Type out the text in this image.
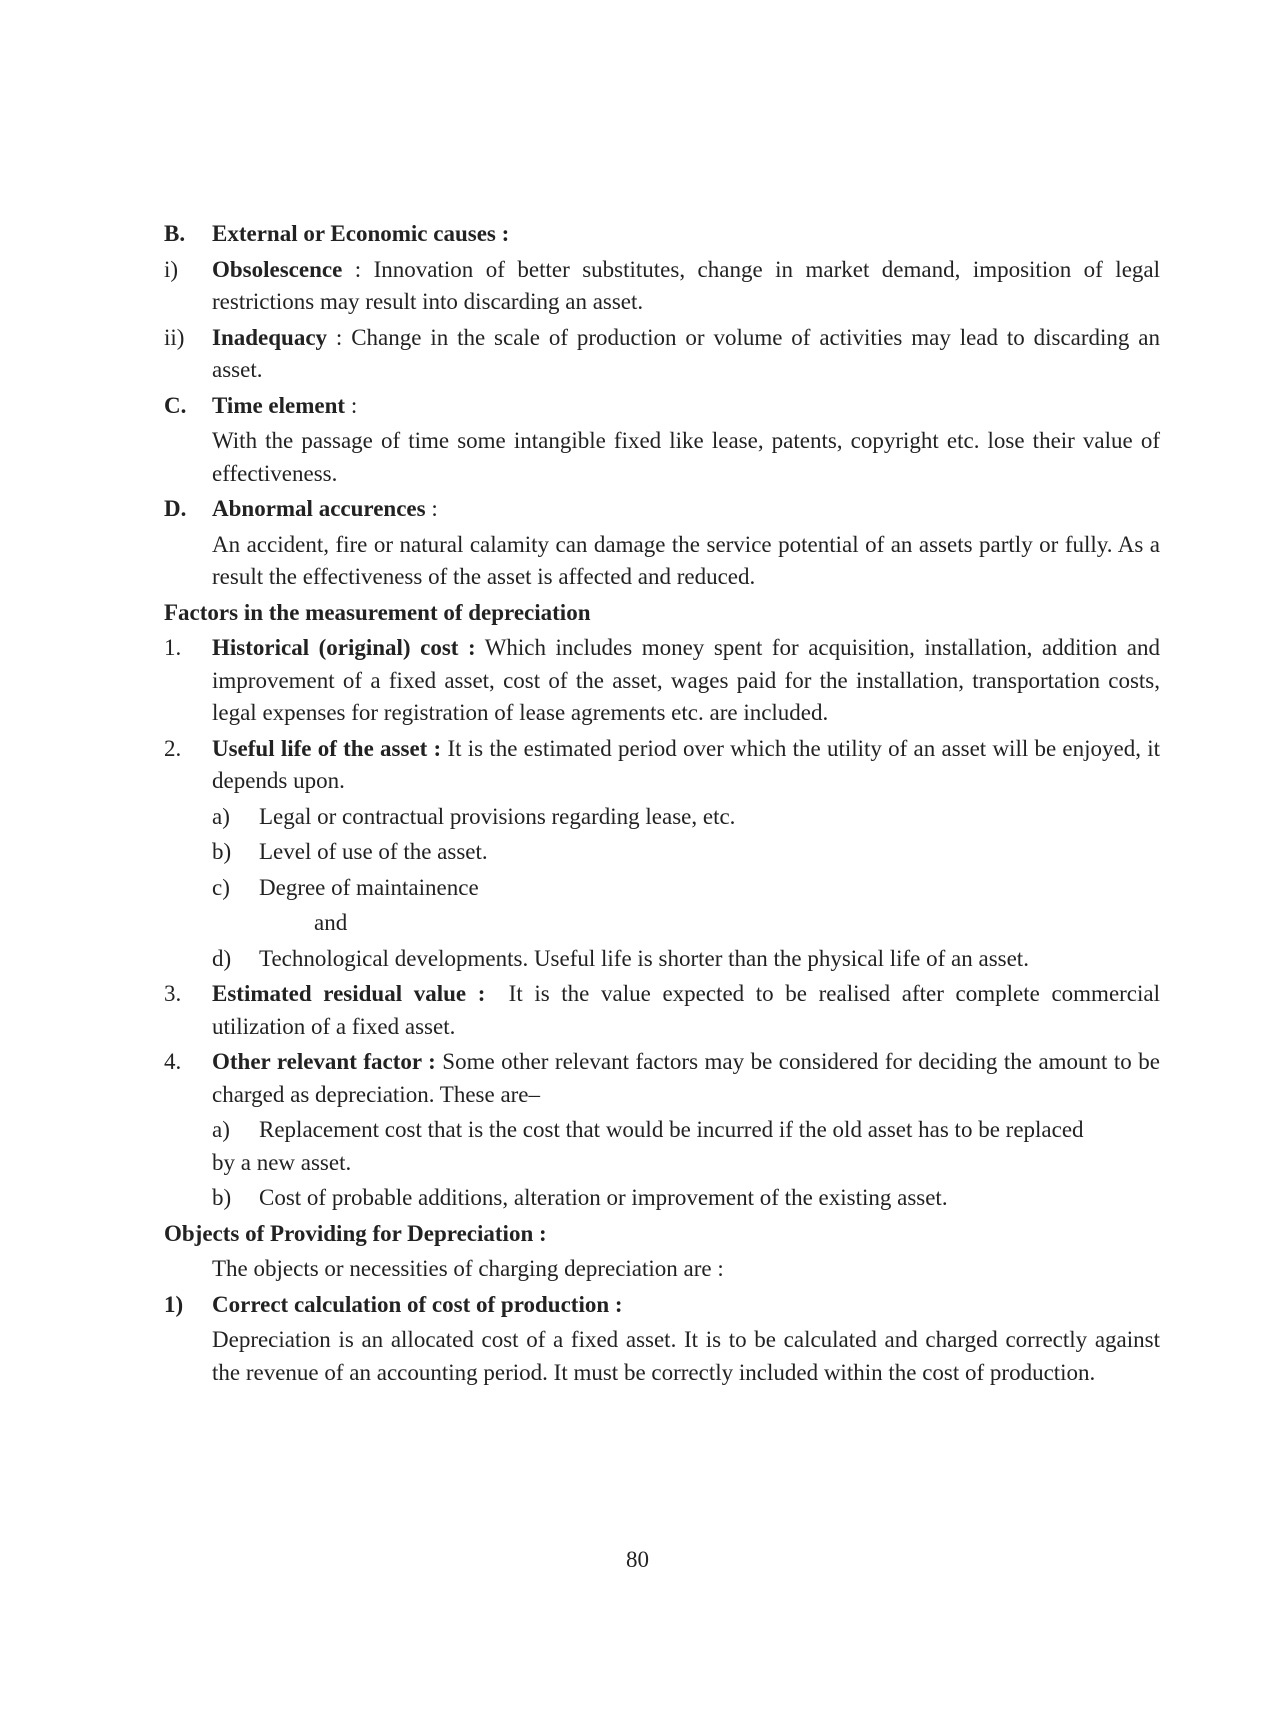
B.	External or Economic causes :
i)	Obsolescence : Innovation of better substitutes, change in market demand, imposition of legal restrictions may result into discarding an asset.
ii)	Inadequacy : Change in the scale of production or volume of activities may lead to discarding an asset.
C.	Time element :
With the passage of time some intangible fixed like lease, patents, copyright etc. lose their value of effectiveness.
D.	Abnormal accurences :
An accident, fire or natural calamity can damage the service potential of an assets partly or fully. As a result the effectiveness of the asset is affected and reduced.
Factors in the measurement of depreciation
1.	Historical (original) cost : Which includes money spent for acquisition, installation, addition and improvement of a fixed asset, cost of the asset, wages paid for the installation, transportation costs, legal expenses for registration of lease agrements etc. are included.
2.	Useful life of the asset : It is the estimated period over which the utility of an asset will be enjoyed, it depends upon.
a)	Legal or contractual provisions regarding lease, etc.
b)	Level of use of the asset.
c)	Degree of maintainence
and
d)	Technological developments. Useful life is shorter than the physical life of an asset.
3.	Estimated residual value :  It is the value expected to be realised after complete commercial utilization of a fixed asset.
4.	Other relevant factor : Some other relevant factors may be considered for deciding the amount to be charged as depreciation. These are–

a) Replacement cost that is the cost that would be incurred if the old asset has to be replaced

by a new asset.

b)	Cost of probable additions, alteration or improvement of the existing asset.
Objects of Providing for Depreciation :
The objects or necessities of charging depreciation are :
1)	Correct calculation of cost of production :
Depreciation is an allocated cost of a fixed asset. It is to be calculated and charged correctly against the revenue of an accounting period. It must be correctly included within the cost of production.
80
